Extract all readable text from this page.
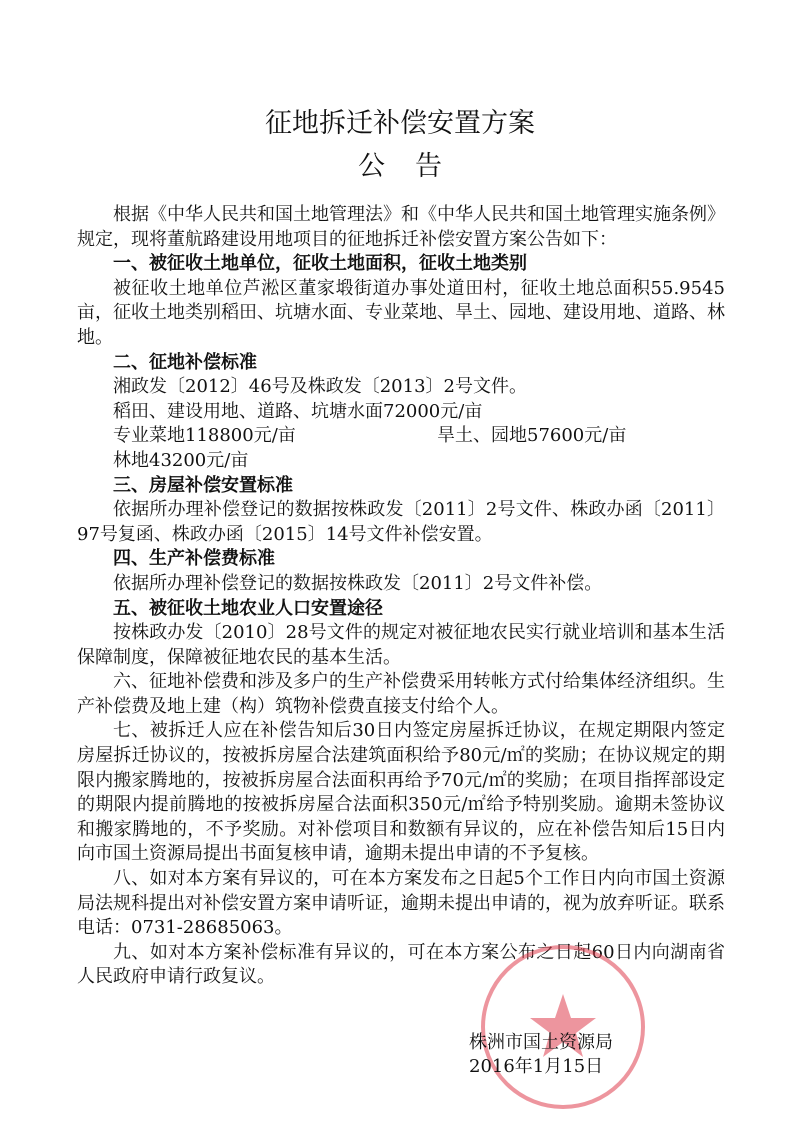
征地拆迁补偿安置方案
公告

根据《中华人民共和国土地管理法》和《中华人民共和国土地管理实施条例》规定，现将董航路建设用地项目的征地拆迁补偿安置方案公告如下：

一、被征收土地单位，征收土地面积，征收土地类别

被征收土地单位芦淞区董家塅街道办事处道田村，征收土地总面积55.9545亩，征收土地类别稻田、坑塘水面、专业菜地、旱土、园地、建设用地、道路、林地。

二、征地补偿标准

湘政发〔2012〕46号及株政发〔2013〕2号文件。

稻田、建设用地、道路、坑塘水面72000元/亩

专业菜地118800元/亩	旱土、园地57600元/亩

林地43200元/亩

三、房屋补偿安置标准

依据所办理补偿登记的数据按株政发〔2011〕2号文件、株政办函〔2011〕97号复函、株政办函〔2015〕14号文件补偿安置。

四、生产补偿费标准

依据所办理补偿登记的数据按株政发〔2011〕2号文件补偿。

五、被征收土地农业人口安置途径

按株政办发〔2010〕28号文件的规定对被征地农民实行就业培训和基本生活保障制度，保障被征地农民的基本生活。

六、征地补偿费和涉及多户的生产补偿费采用转帐方式付给集体经济组织。生产补偿费及地上建（构）筑物补偿费直接支付给个人。

七、被拆迁人应在补偿告知后30日内签定房屋拆迁协议，在规定期限内签定房屋拆迁协议的，按被拆房屋合法建筑面积给予80元/㎡的奖励；在协议规定的期限内搬家腾地的，按被拆房屋合法面积再给予70元/㎡的奖励；在项目指挥部设定的期限内提前腾地的按被拆房屋合法面积350元/㎡给予特别奖励。逾期未签协议和搬家腾地的，不予奖励。对补偿项目和数额有异议的，应在补偿告知后15日内向市国土资源局提出书面复核申请，逾期未提出申请的不予复核。

八、如对本方案有异议的，可在本方案发布之日起5个工作日内向市国土资源局法规科提出对补偿安置方案申请听证，逾期未提出申请的，视为放弃听证。联系电话：0731-28685063。

九、如对本方案补偿标准有异议的，可在本方案公布之日起60日内向湖南省人民政府申请行政复议。

株洲市国土资源局
2016年1月15日
